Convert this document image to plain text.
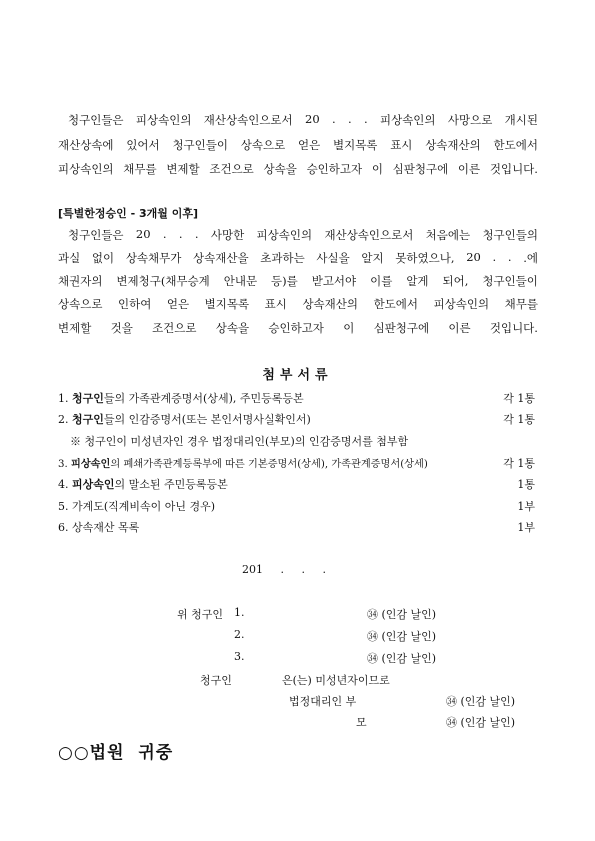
청구인들은 피상속인의 재산상속인으로서 20 . . . 피상속인의 사망으로 개시된
재산상속에 있어서 청구인들이 상속으로 얻은 별지목록 표시 상속재산의 한도에서
피상속인의 채무를 변제할 조건으로 상속을 승인하고자 이 심판청구에 이른 것입니다.
[특별한정승인 - 3개월 이후]
청구인들은 20 . . . 사망한 피상속인의 재산상속인으로서 처음에는 청구인들의
과실 없이 상속채무가 상속재산을 초과하는 사실을 알지 못하였으나, 20 . . .에
채권자의 변제청구(채무승계 안내문 등)를 받고서야 이를 알게 되어, 청구인들이
상속으로 인하여 얻은 별지목록 표시 상속재산의 한도에서 피상속인의 채무를
변제할 것을 조건으로 상속을 승인하고자 이 심판청구에 이른 것입니다.
첨부서류
1. 청구인들의 가족관계증명서(상세), 주민등록등본	각 1통
2. 청구인들의 인감증명서(또는 본인서명사실확인서)	각 1통
※ 청구인이 미성년자인 경우 법정대리인(부모)의 인감증명서를 첨부함
3. 피상속인의 폐쇄가족관계등록부에 따른 기본증명서(상세), 가족관계증명서(상세)	각 1통
4. 피상속인의 말소된 주민등록등본	1통
5. 가계도(직계비속이 아닌 경우)	1부
6. 상속재산 목록	1부
201     .     .     .
위 청구인 1.	㉞ (인감 날인)
2.	㉞ (인감 날인)
3.	㉞ (인감 날인)
청구인	은(는) 미성년자이므로
법정대리인 부	㉞ (인감 날인)
모	㉞ (인감 날인)
○○법원  귀중
